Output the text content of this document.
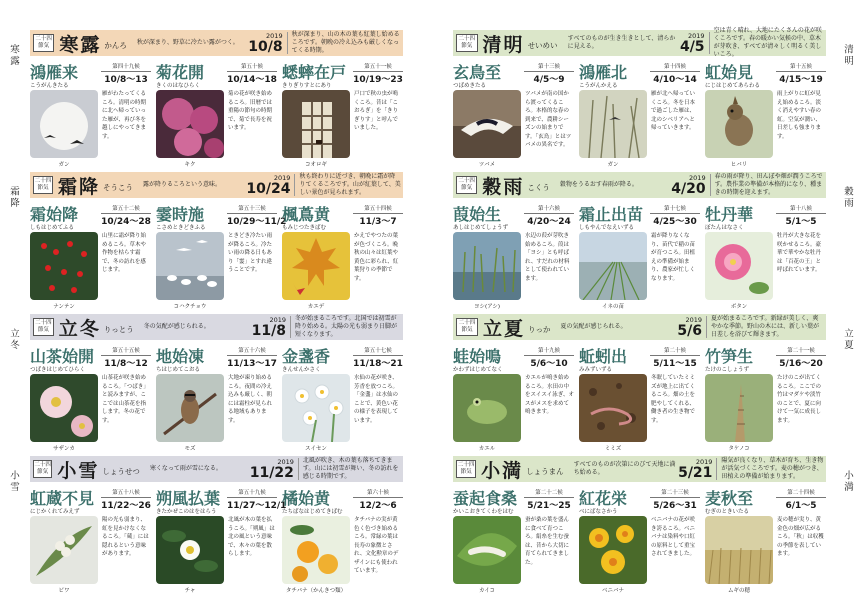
寒露
霜降
立冬
小雪
二十四
節気 寒露 かんろ 秋が深まり、野草に冷たい露がつく。
2019
10/8
秋が深まり、山の木の葉も紅葉し始めるころです。朝晩の冷え込みも厳しくなってくる時期。
鴻雁来
こうがんきたる
第四十九候
10/8〜13
ガン
雁がわたってくるころ。清明の時期に北へ帰っていった雁が、再び冬を越しにやってきます。
菊花開
きくのはなひらく
第五十候
10/14〜18
キク
菊の花が咲き始めるころ。旧暦では重陽の節句の時期で、菊で長寿を祝います。
蟋蟀在戸
きりぎりすとにあり
第五十一候
10/19〜23
コオロギ
戸口で秋の虫が鳴くころ。昔は「こおろぎ」を「きりぎりす」と呼んでいました。
二十四
節気 霜降 そうこう 露が降りるころという意味。
2019
10/24
秋も終わりに近づき、朝晩に霜が降りてくるころです。山が紅葉して、美しい景色が見られます。
霜始降
しもはじめてふる
第五十二候
10/24〜28
ナンテン
山里に霜が降り始めるころ。草木や作物を枯らす霜で、冬の訪れを感じます。
霎時施
こさめときどきふる
第五十三候
10/29〜11/2
コハクチョウ
ときどき冷たい雨が降るころ。冷たい雨の降る日もあり「霎」とすれ違うことです。
楓蔦黄
もみじつたきばむ
第五十四候
11/3〜7
カエデ
かえでやつたの葉が色づくころ。晩秋の山々は紅葉や黄色に彩られ、紅葉狩りの季節です。
二十四
節気 立冬 りっとう 冬の気配が感じられる。
2019
11/8
冬が始まるころです。北国では初雪が降り始める。太陽の光も弱まり日脚が短くなります。
山茶始開
つばきはじめてひらく
第五十五候
11/8〜12
サザンカ
山茶花が咲き始めるころ。「つばき」と読みますが、ここでは山茶花を指します。冬の花です。
地始凍
ちはじめてこおる
第五十六候
11/13〜17
モズ
大地が凍り始めるころ。夜間の冷え込みも厳しく、朝には霜柱が見られる地域もあります。
金盞香
きんせんかさく
第五十七候
11/18〜21
スイセン
水仙の花が咲き、芳香を放つころ。「金盞」は水仙のことで、黄色い花の様子を表現しています。
二十四
節気 小雪 しょうせつ 寒くなって雨が雪になる。
2019
11/22
北風が吹き、木の葉も落ちてきます。山には初雪が舞い、冬の訪れを感じる時期です。
虹蔵不見
にじかくれてみえず
第五十八候
11/22〜26
ビワ
陽の光も弱まり、虹を見かけなくなるころ。「蔵」には隠れるという意味があります。
朔風払葉
きたかぜこのはをはらう
第五十九候
11/27〜12/1
チャ
北風が木の葉を払うころ。「朔風」は北の風という意味で、木々の葉を散らします。
橘始黄
たちばなはじめてきばむ
第六十候
12/2〜6
タチバナ（かんきつ類）
タチバナの実が黄色く色づき始めるころ。常緑の葉は長寿の象徴とされ、文化勲章のデザインにも使われています。
清明
穀雨
立夏
小満
二十四
節気 清明 せいめい
すべてのものが生き生きとして、清らかに見える。
2019
4/5
空は青く晴れ、大地にたくさんの花が咲くころです。春の暖かい気候の中、草木が芽吹き、すべてが清々しく明るく美しいころ。
玄鳥至
つばめきたる
第十三候
4/5〜9
ツバメ
ツバメが南の国から渡ってくるころ。本格的な春の到来で、農耕シーズンの始まりです。「玄鳥」とはツバメの異名です。
鴻雁北
こうがんかえる
第十四候
4/10〜14
ガン
雁が北へ帰っていくころ。冬を日本で過ごした雁は、北のシベリアへと帰っていきます。
虹始見
にじはじめてあらわる
第十五候
4/15〜19
ヒバリ
雨上がりに虹が見え始めるころ。淡く消えやすい春の虹。空気が潤い、日差しも強まります。
二十四
節気 穀雨 こくう 穀物をうるおす春雨が降る。
2019
4/20
春の雨が降り、田んぼや畑が潤うころです。農作業の準備が本格的になり、種まきの時期を迎えます。
葭始生
あしはじめてしょうず
第十六候
4/20〜24
ヨシ(アシ)
水辺の葭が芽吹き始めるころ。葭は「ヨシ」とも呼ばれ、すだれの材料として使われています。
霜止出苗
しもやんでなえいずる
第十七候
4/25〜30
イネの苗
霜が降りなくなり、苗代で稲の苗が育つころ。田植えの準備が始まり、農家が忙しくなります。
牡丹華
ぼたんはなさく
第十八候
5/1〜5
ボタン
牡丹が大きな花を咲かせるころ。豪華で華やかな牡丹は「百花の王」と呼ばれています。
二十四
節気 立夏 りっか 夏の気配が感じられる。
2019
5/6
夏が始まるころです。新緑が美しく、爽やかな季節。野山の木には、新しい葉が日差しを浴びて輝きます。
蛙始鳴
かわずはじめてなく
第十九候
5/6〜10
カエル
カエルが鳴き始めるころ。水田の中をスイスイ泳ぎ、オスがメスを求めて鳴きます。
蚯蚓出
みみずいずる
第二十候
5/11〜15
ミミズ
冬眠していたミミズが地上に出てくるころ。畑の土を肥やしてくれる、働き者の生き物です。
竹笋生
たけのこしょうず
第二十一候
5/16〜20
タケノコ
たけのこが出てくるころ。ここでの竹はマダケや淡竹のことで、夏に向けて一気に成長します。
二十四
節気 小満 しょうまん
すべてのものが次第にのびて天地に満ち始める。
2019
5/21
陽気が良くなり、草木が育ち、生き物が活気づくころです。麦の穂がつき、田植えの準備が始まります。
蚕起食桑
かいこおきてくわをはむ
第二十二候
5/21〜25
カイコ
蚕が桑の葉を盛んに食べて育つころ。絹糸を生む蚕は、昔から大切に育てられてきました。
紅花栄
べにばなさかう
第二十三候
5/26〜31
ベニバナ
ベニバナの花が咲き誇るころ。ベニバナは染料や口紅の原料として重宝されてきました。
麦秋至
むぎのときいたる
第二十四候
6/1〜5
ムギの穂
麦の穂が実り、黄金色の畑が広がるころ。「秋」は収穫の季節を表しています。
